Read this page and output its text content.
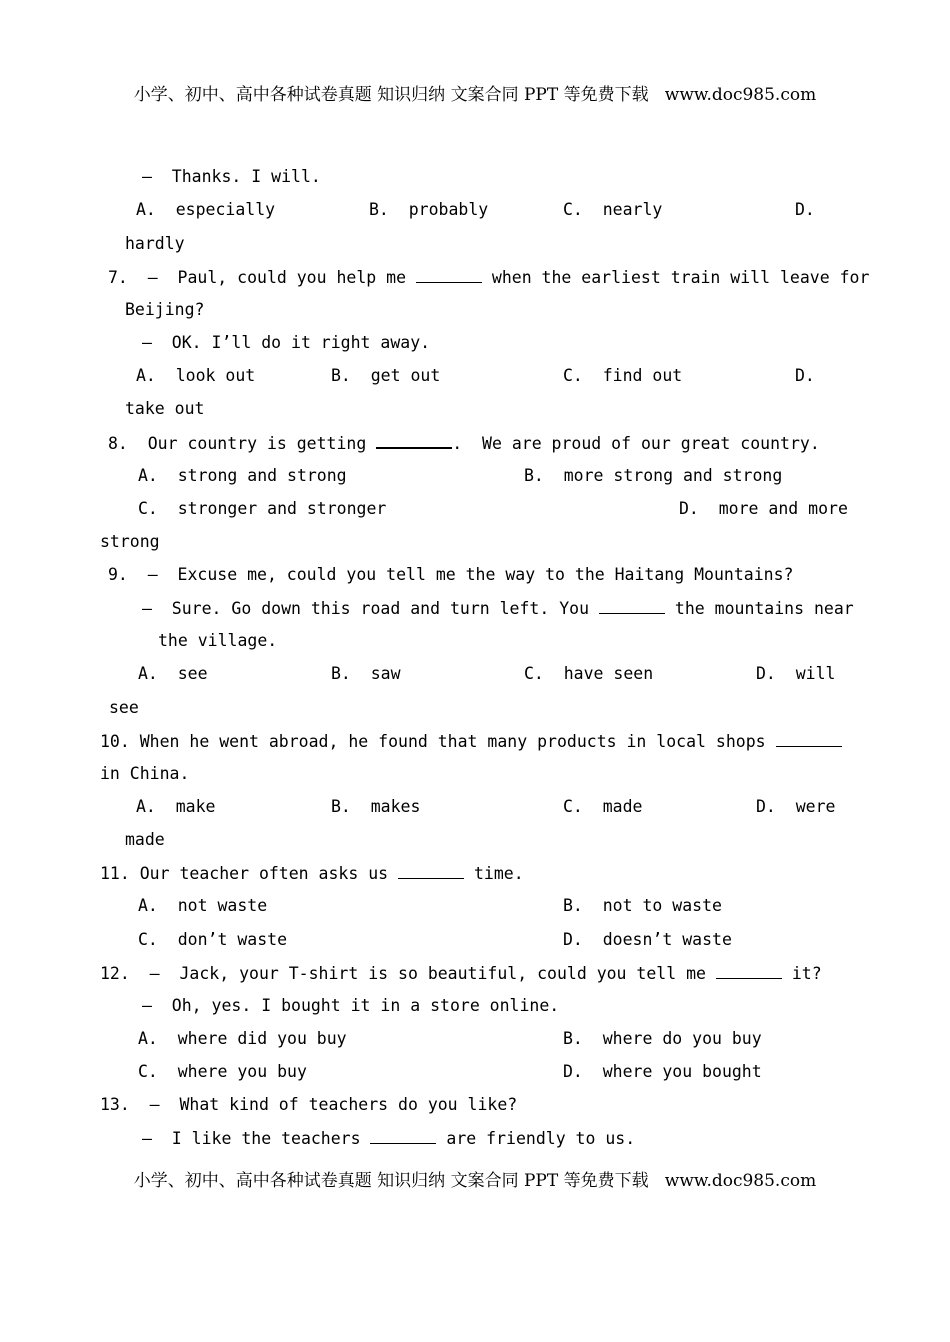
小学、初中、高中各种试卷真题 知识归纳 文案合同 PPT 等免费下载   www.doc985.com
–  Thanks. I will.
A.  especially	B.  probably	C.  nearly	D.
hardly
7.  –  Paul, could you help me	when the earliest train will leave for
Beijing?
–  OK. I’ll do it right away.
A.  look out	B.  get out	C.  find out	D.
take out
8.  Our country is getting	.  We are proud of our great country.
A.  strong and strong	B.  more strong and strong
C.  stronger and stronger	D.  more and more
strong
9.  –  Excuse me, could you tell me the way to the Haitang Mountains?
–  Sure. Go down this road and turn left. You	the mountains near
the village.
A.  see	B.  saw	C.  have seen	D.  will
see
10. When he went abroad, he found that many products in local shops
in China.
A.  make	B.  makes	C.  made	D.  were
made
11. Our teacher often asks us	time.
A.  not waste	B.  not to waste
C.  don’t waste	D.  doesn’t waste
12.  –  Jack, your T-shirt is so beautiful, could you tell me	it?
–  Oh, yes. I bought it in a store online.
A.  where did you buy	B.  where do you buy
C.  where you buy	D.  where you bought
13.  –  What kind of teachers do you like?
–  I like the teachers	are friendly to us.
小学、初中、高中各种试卷真题 知识归纳 文案合同 PPT 等免费下载   www.doc985.com
